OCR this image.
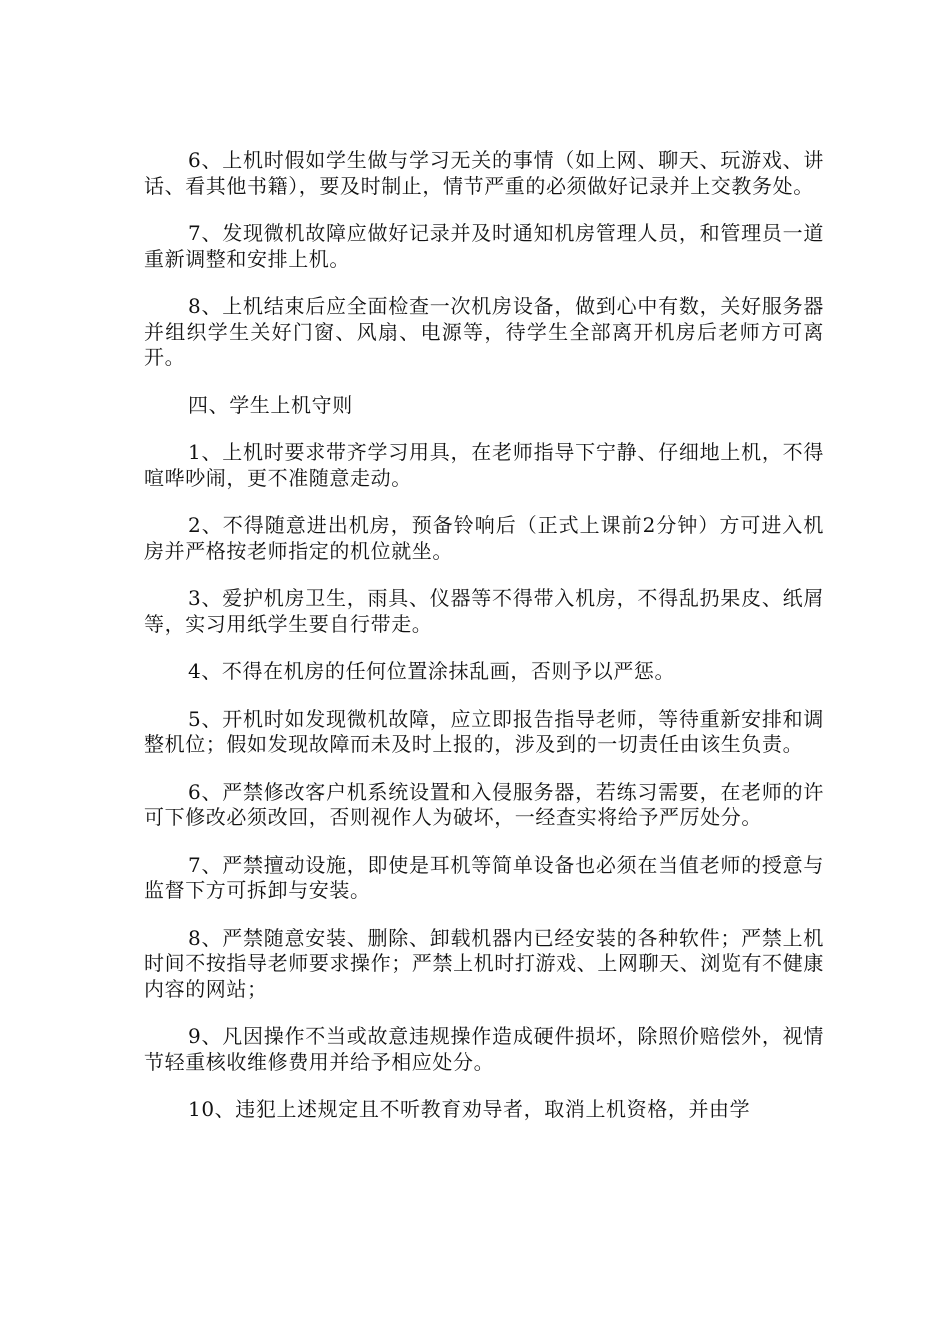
6、上机时假如学生做与学习无关的事情（如上网、聊天、玩游戏、讲话、看其他书籍），要及时制止，情节严重的必须做好记录并上交教务处。

7、发现微机故障应做好记录并及时通知机房管理人员，和管理员一道重新调整和安排上机。

8、上机结束后应全面检查一次机房设备，做到心中有数，关好服务器并组织学生关好门窗、风扇、电源等，待学生全部离开机房后老师方可离开。

四、学生上机守则

1、上机时要求带齐学习用具，在老师指导下宁静、仔细地上机，不得喧哗吵闹，更不准随意走动。

2、不得随意进出机房，预备铃响后（正式上课前2分钟）方可进入机房并严格按老师指定的机位就坐。

3、爱护机房卫生，雨具、仪器等不得带入机房，不得乱扔果皮、纸屑等，实习用纸学生要自行带走。

4、不得在机房的任何位置涂抹乱画，否则予以严惩。

5、开机时如发现微机故障，应立即报告指导老师，等待重新安排和调整机位；假如发现故障而未及时上报的，涉及到的一切责任由该生负责。

6、严禁修改客户机系统设置和入侵服务器，若练习需要，在老师的许可下修改必须改回，否则视作人为破坏，一经查实将给予严厉处分。

7、严禁擅动设施，即使是耳机等简单设备也必须在当值老师的授意与监督下方可拆卸与安装。

8、严禁随意安装、删除、卸载机器内已经安装的各种软件；严禁上机时间不按指导老师要求操作；严禁上机时打游戏、上网聊天、浏览有不健康内容的网站；

9、凡因操作不当或故意违规操作造成硬件损坏，除照价赔偿外，视情节轻重核收维修费用并给予相应处分。

10、违犯上述规定且不听教育劝导者，取消上机资格，并由学
